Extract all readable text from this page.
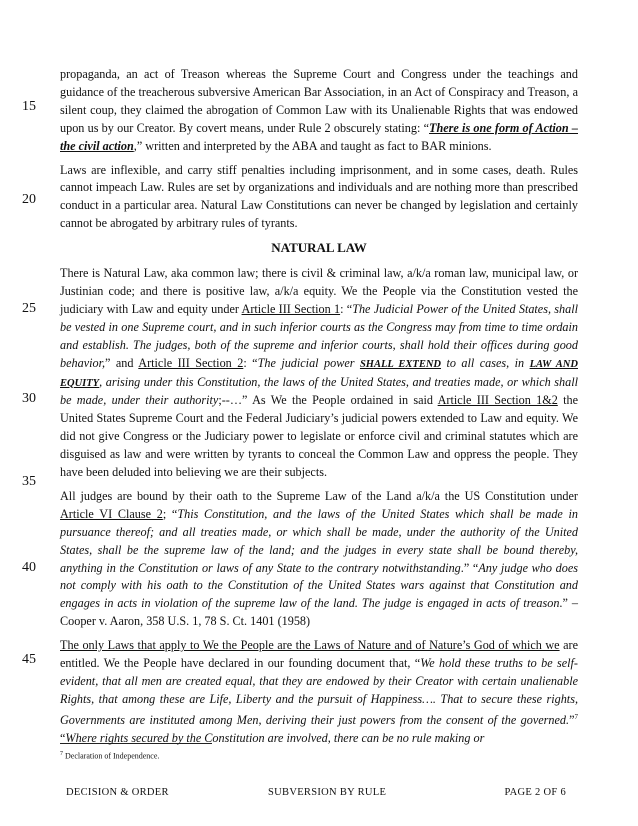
15
20
25
30
35
40
45

propaganda, an act of Treason whereas the Supreme Court and Congress under the teachings and guidance of the treacherous subversive American Bar Association, in an Act of Conspiracy and Treason, a silent coup, they claimed the abrogation of Common Law with its Unalienable Rights that was endowed upon us by our Creator. By covert means, under Rule 2 obscurely stating: “There is one form of Action – the civil action,” written and interpreted by the ABA and taught as fact to BAR minions.

Laws are inflexible, and carry stiff penalties including imprisonment, and in some cases, death. Rules cannot impeach Law. Rules are set by organizations and individuals and are nothing more than prescribed conduct in a particular area. Natural Law Constitutions can never be changed by legislation and certainly cannot be abrogated by arbitrary rules of tyrants.

NATURAL LAW

There is Natural Law, aka common law; there is civil & criminal law, a/k/a roman law, municipal law, or Justinian code; and there is positive law, a/k/a equity. We the People via the Constitution vested the judiciary with Law and equity under Article III Section 1: “The Judicial Power of the United States, shall be vested in one Supreme court, and in such inferior courts as the Congress may from time to time ordain and establish. The judges, both of the supreme and inferior courts, shall hold their offices during good behavior,” and Article III Section 2: “The judicial power SHALL EXTEND to all cases, in LAW AND EQUITY, arising under this Constitution, the laws of the United States, and treaties made, or which shall be made, under their authority;--…” As We the People ordained in said Article III Section 1&2 the United States Supreme Court and the Federal Judiciary’s judicial powers extended to Law and equity. We did not give Congress or the Judiciary power to legislate or enforce civil and criminal statutes which are disguised as law and were written by tyrants to conceal the Common Law and oppress the people. They have been deluded into believing we are their subjects.

All judges are bound by their oath to the Supreme Law of the Land a/k/a the US Constitution under Article VI Clause 2; “This Constitution, and the laws of the United States which shall be made in pursuance thereof; and all treaties made, or which shall be made, under the authority of the United States, shall be the supreme law of the land; and the judges in every state shall be bound thereby, anything in the Constitution or laws of any State to the contrary notwithstanding.” “Any judge who does not comply with his oath to the Constitution of the United States wars against that Constitution and engages in acts in violation of the supreme law of the land. The judge is engaged in acts of treason.” – Cooper v. Aaron, 358 U.S. 1, 78 S. Ct. 1401 (1958)

The only Laws that apply to We the People are the Laws of Nature and of Nature’s God of which we are entitled. We the People have declared in our founding document that, “We hold these truths to be self-evident, that all men are created equal, that they are endowed by their Creator with certain unalienable Rights, that among these are Life, Liberty and the pursuit of Happiness…. That to secure these rights, Governments are instituted among Men, deriving their just powers from the consent of the governed.”$^7$ “Where rights secured by the Constitution are involved, there can be no rule making or

$^7$ Declaration of Independence.
DECISION & ORDER	SUBVERSION BY RULE	PAGE 2 OF 6
